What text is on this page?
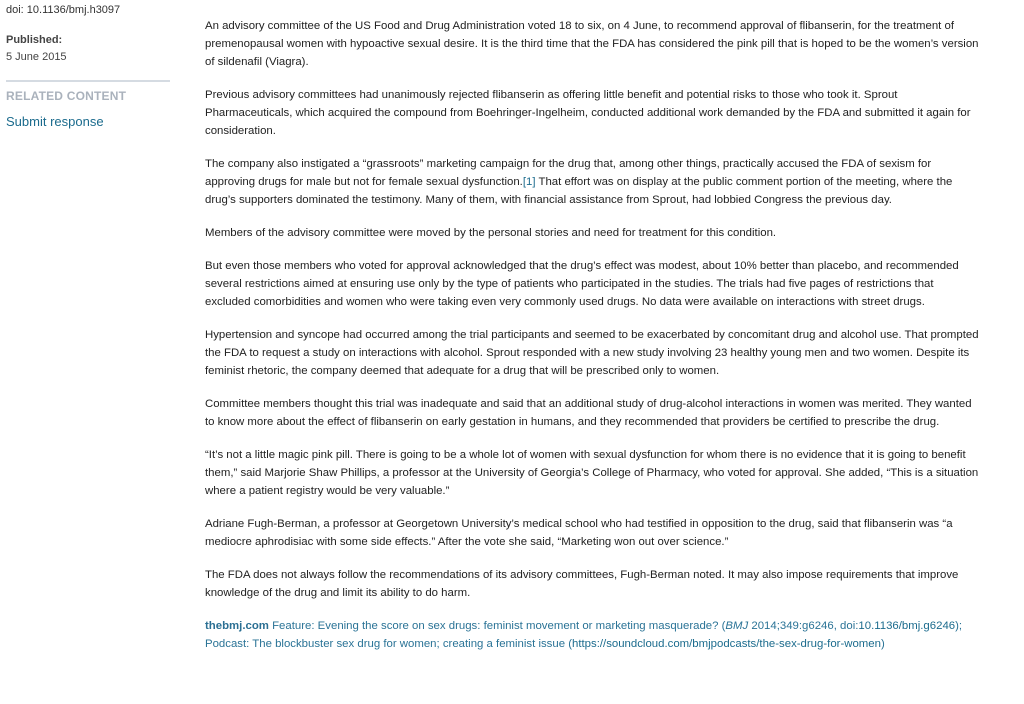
doi: 10.1136/bmj.h3097
Published:
5 June 2015
RELATED CONTENT
Submit response

An advisory committee of the US Food and Drug Administration voted 18 to six, on 4 June, to recommend approval of flibanserin, for the treatment of premenopausal women with hypoactive sexual desire. It is the third time that the FDA has considered the pink pill that is hoped to be the women’s version of sildenafil (Viagra).

Previous advisory committees had unanimously rejected flibanserin as offering little benefit and potential risks to those who took it. Sprout Pharmaceuticals, which acquired the compound from Boehringer-Ingelheim, conducted additional work demanded by the FDA and submitted it again for consideration.

The company also instigated a “grassroots” marketing campaign for the drug that, among other things, practically accused the FDA of sexism for approving drugs for male but not for female sexual dysfunction.[1] That effort was on display at the public comment portion of the meeting, where the drug’s supporters dominated the testimony. Many of them, with financial assistance from Sprout, had lobbied Congress the previous day.

Members of the advisory committee were moved by the personal stories and need for treatment for this condition.

But even those members who voted for approval acknowledged that the drug’s effect was modest, about 10% better than placebo, and recommended several restrictions aimed at ensuring use only by the type of patients who participated in the studies. The trials had five pages of restrictions that excluded comorbidities and women who were taking even very commonly used drugs. No data were available on interactions with street drugs.

Hypertension and syncope had occurred among the trial participants and seemed to be exacerbated by concomitant drug and alcohol use. That prompted the FDA to request a study on interactions with alcohol. Sprout responded with a new study involving 23 healthy young men and two women. Despite its feminist rhetoric, the company deemed that adequate for a drug that will be prescribed only to women.

Committee members thought this trial was inadequate and said that an additional study of drug-alcohol interactions in women was merited. They wanted to know more about the effect of flibanserin on early gestation in humans, and they recommended that providers be certified to prescribe the drug.

“It’s not a little magic pink pill. There is going to be a whole lot of women with sexual dysfunction for whom there is no evidence that it is going to benefit them,” said Marjorie Shaw Phillips, a professor at the University of Georgia’s College of Pharmacy, who voted for approval. She added, “This is a situation where a patient registry would be very valuable.”

Adriane Fugh-Berman, a professor at Georgetown University’s medical school who had testified in opposition to the drug, said that flibanserin was “a mediocre aphrodisiac with some side effects.” After the vote she said, “Marketing won out over science.”

The FDA does not always follow the recommendations of its advisory committees, Fugh-Berman noted. It may also impose requirements that improve knowledge of the drug and limit its ability to do harm.

thebmj.com Feature: Evening the score on sex drugs: feminist movement or marketing masquerade? (BMJ 2014;349:g6246, doi:10.1136/bmj.g6246); Podcast: The blockbuster sex drug for women; creating a feminist issue (https://soundcloud.com/bmjpodcasts/the-sex-drug-for-women)
